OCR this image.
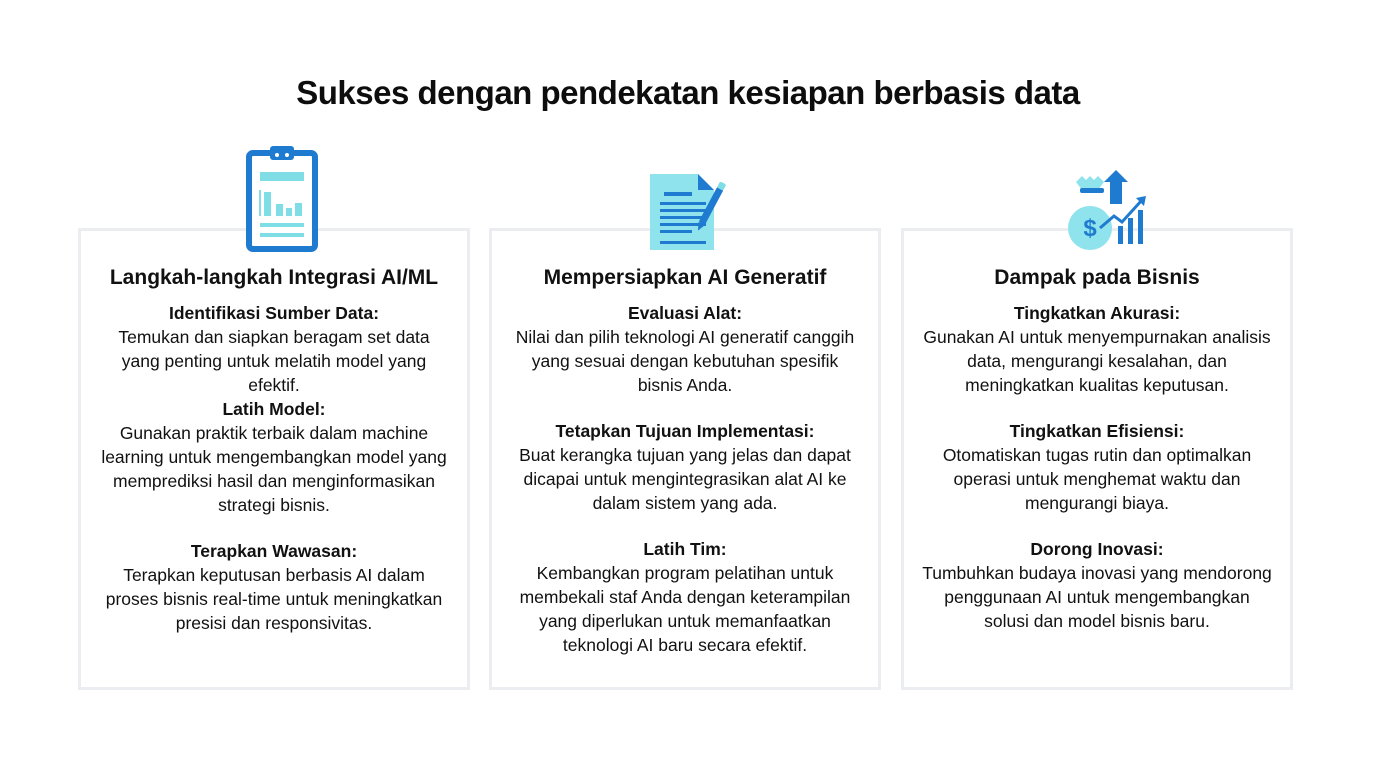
Sukses dengan pendekatan kesiapan berbasis data
Langkah-langkah Integrasi AI/ML
Identifikasi Sumber Data:
Temukan dan siapkan beragam set data yang penting untuk melatih model yang efektif.
Latih Model:
Gunakan praktik terbaik dalam machine learning untuk mengembangkan model yang memprediksi hasil dan menginformasikan strategi bisnis.
Terapkan Wawasan:
Terapkan keputusan berbasis AI dalam proses bisnis real-time untuk meningkatkan presisi dan responsivitas.
Mempersiapkan AI Generatif
Evaluasi Alat:
Nilai dan pilih teknologi AI generatif canggih yang sesuai dengan kebutuhan spesifik bisnis Anda.
Tetapkan Tujuan Implementasi:
Buat kerangka tujuan yang jelas dan dapat dicapai untuk mengintegrasikan alat AI ke dalam sistem yang ada.
Latih Tim:
Kembangkan program pelatihan untuk membekali staf Anda dengan keterampilan yang diperlukan untuk memanfaatkan teknologi AI baru secara efektif.
Dampak pada Bisnis
Tingkatkan Akurasi:
Gunakan AI untuk menyempurnakan analisis data, mengurangi kesalahan, dan meningkatkan kualitas keputusan.
Tingkatkan Efisiensi:
Otomatiskan tugas rutin dan optimalkan operasi untuk menghemat waktu dan mengurangi biaya.
Dorong Inovasi:
Tumbuhkan budaya inovasi yang mendorong penggunaan AI untuk mengembangkan solusi dan model bisnis baru.
$
